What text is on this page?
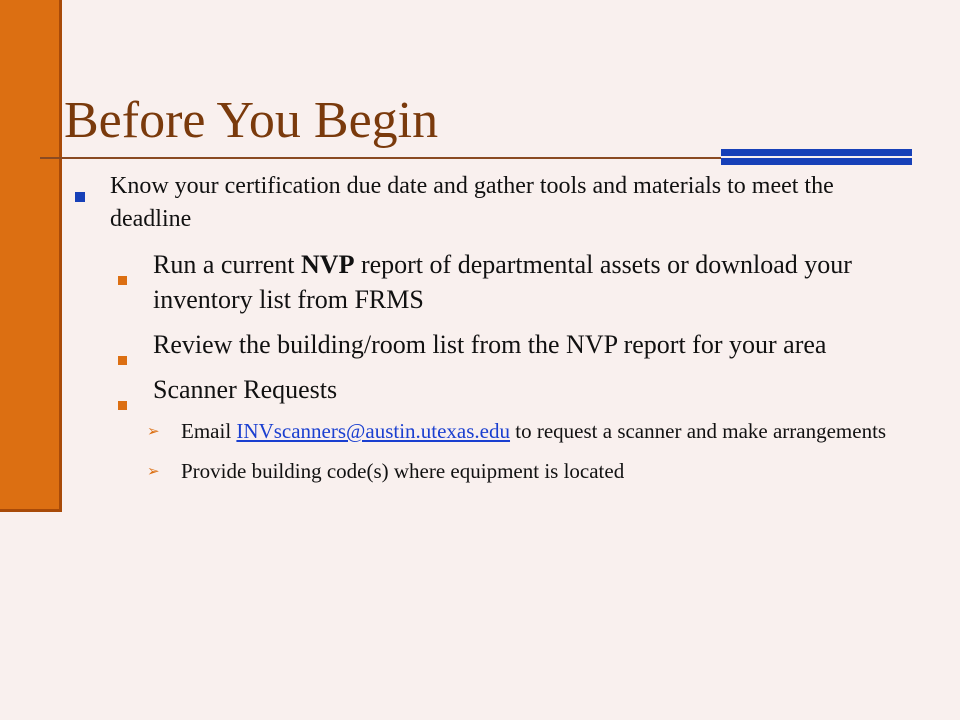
Before You Begin

Know your certification due date and gather tools and materials to meet the deadline

Run a current NVP report of departmental assets or download your inventory list from FRMS

Review the building/room list from the NVP report for your area

Scanner Requests

➢ Email INVscanners@austin.utexas.edu to request a scanner and make arrangements

➢ Provide building code(s) where equipment is located
